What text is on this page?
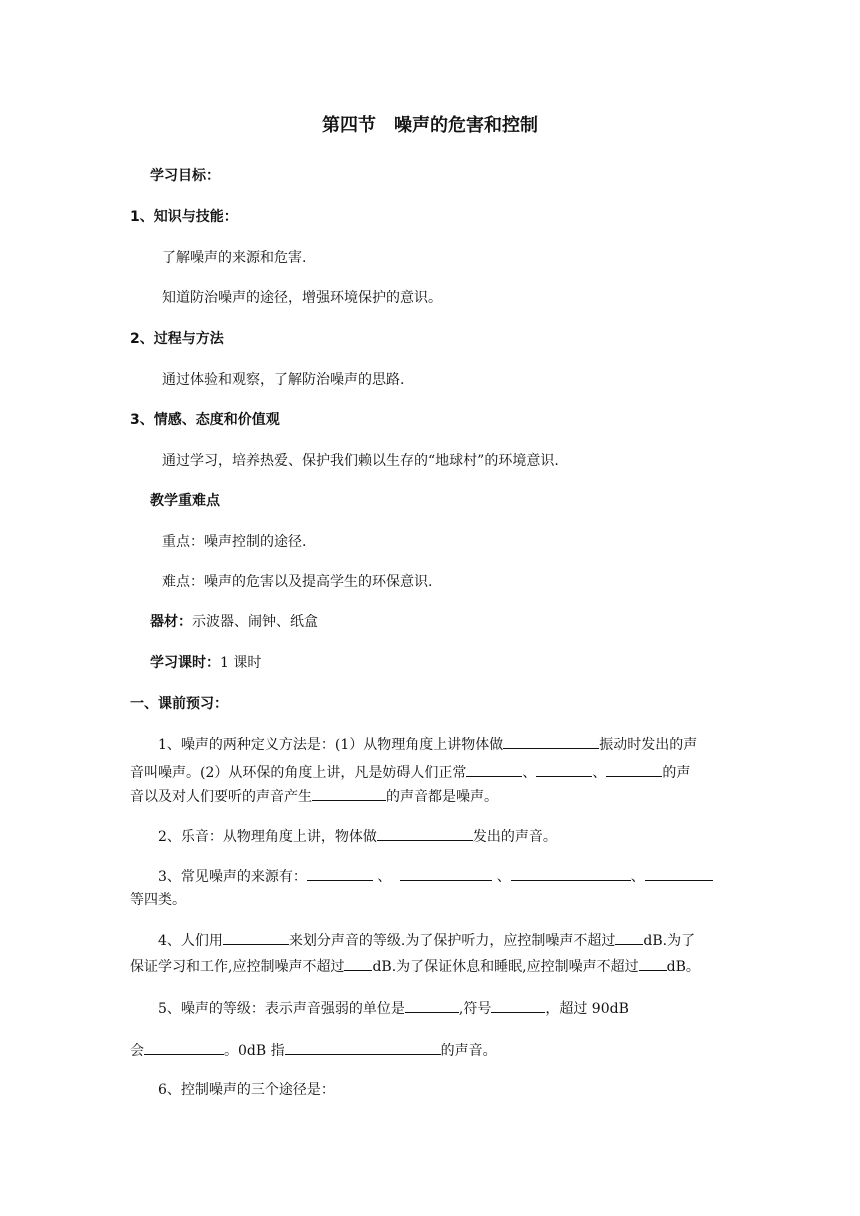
第四节　噪声的危害和控制
学习目标：
1、知识与技能：
了解噪声的来源和危害.
知道防治噪声的途径，增强环境保护的意识。
2、过程与方法
通过体验和观察，了解防治噪声的思路.
3、情感、态度和价值观
通过学习，培养热爱、保护我们赖以生存的“地球村”的环境意识.
教学重难点
重点：噪声控制的途径.
难点：噪声的危害以及提高学生的环保意识.
器材：示波器、闹钟、纸盒
学习课时：1 课时
一、课前预习：
1、噪声的两种定义方法是：(1）从物理角度上讲物体做	振动时发出的声
音叫噪声。(2）从环保的角度上讲，凡是妨碍人们正常	、	、	的声
音以及对人们要听的声音产生	的声音都是噪声。
2、乐音：从物理角度上讲，物体做	发出的声音。
3、常见噪声的来源有：	、	、	、
等四类。
4、人们用	来划分声音的等级.为了保护听力，应控制噪声不超过 dB.为了
保证学习和工作,应控制噪声不超过 dB.为了保证休息和睡眠,应控制噪声不超过 dB。
5、噪声的等级：表示声音强弱的单位是	,符号	，超过 90dB
会	。0dB 指	的声音。
6、控制噪声的三个途径是：
